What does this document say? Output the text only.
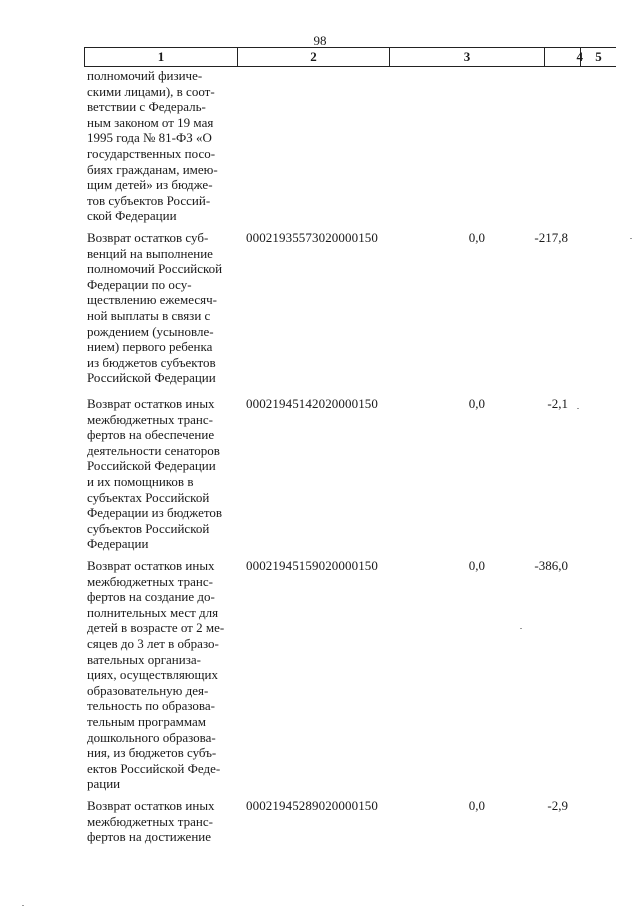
98
1	2	3	4 5
полномочий физиче-
скими лицами), в соот-
ветствии с Федераль-
ным законом от 19 мая
1995 года № 81-ФЗ «О
государственных посо-
биях гражданам, имею-
щим детей» из бюдже-
тов субъектов Россий-
ской Федерации
Возврат остатков суб-
венций на выполнение
полномочий Российской
Федерации по осу-
ществлению ежемесяч-
ной выплаты в связи с
рождением (усыновле-
нием) первого ребенка
из бюджетов субъектов
Российской Федерации
00021935573020000150	0,0	-217,8
Возврат остатков иных
межбюджетных транс-
фертов на обеспечение
деятельности сенаторов
Российской Федерации
и их помощников в
субъектах Российской
Федерации из бюджетов
субъектов Российской
Федерации
00021945142020000150	0,0	-2,1
Возврат остатков иных
межбюджетных транс-
фертов на создание до-
полнительных мест для
детей в возрасте от 2 ме-
сяцев до 3 лет в образо-
вательных организа-
циях, осуществляющих
образовательную дея-
тельность по образова-
тельным программам
дошкольного образова-
ния, из бюджетов субъ-
ектов Российской Феде-
рации
00021945159020000150	0,0	-386,0
Возврат остатков иных
межбюджетных транс-
фертов на достижение
00021945289020000150	0,0	-2,9
